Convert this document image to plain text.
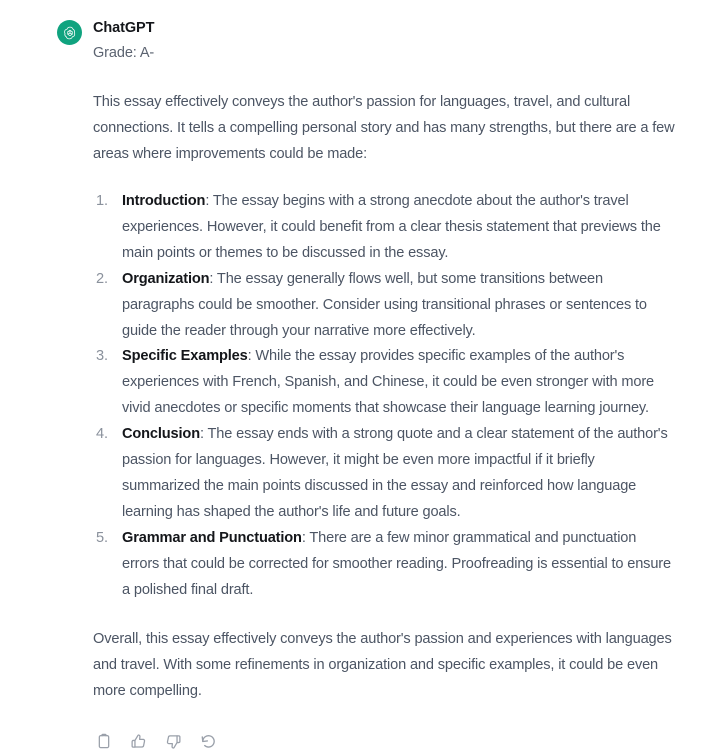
ChatGPT
Grade: A-

This essay effectively conveys the author's passion for languages, travel, and cultural connections. It tells a compelling personal story and has many strengths, but there are a few areas where improvements could be made:

Introduction: The essay begins with a strong anecdote about the author's travel experiences. However, it could benefit from a clear thesis statement that previews the main points or themes to be discussed in the essay.
Organization: The essay generally flows well, but some transitions between paragraphs could be smoother. Consider using transitional phrases or sentences to guide the reader through your narrative more effectively.
Specific Examples: While the essay provides specific examples of the author's experiences with French, Spanish, and Chinese, it could be even stronger with more vivid anecdotes or specific moments that showcase their language learning journey.
Conclusion: The essay ends with a strong quote and a clear statement of the author's passion for languages. However, it might be even more impactful if it briefly summarized the main points discussed in the essay and reinforced how language learning has shaped the author's life and future goals.
Grammar and Punctuation: There are a few minor grammatical and punctuation errors that could be corrected for smoother reading. Proofreading is essential to ensure a polished final draft.

Overall, this essay effectively conveys the author's passion and experiences with languages and travel. With some refinements in organization and specific examples, it could be even more compelling.
